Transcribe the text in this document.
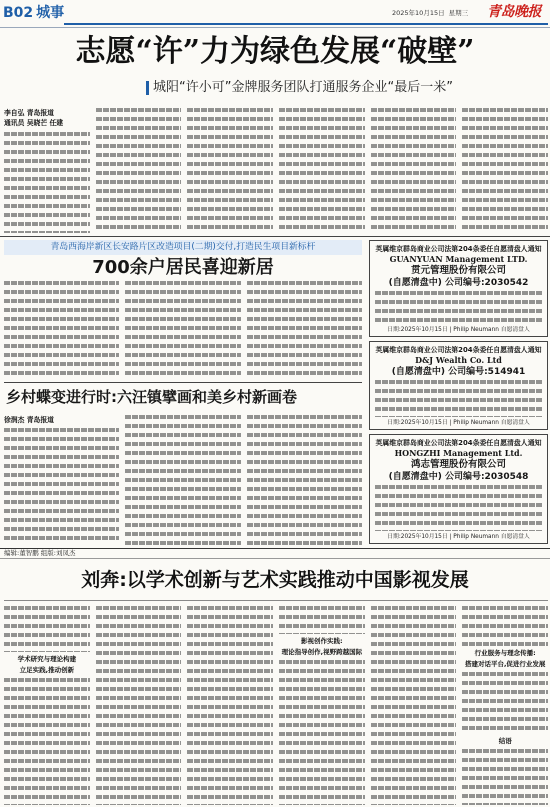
B02 城事	2025年10月15日 星期三 青岛晚报
志愿“许”力为绿色发展“破壁”
城阳“许小可”金牌服务团队打通服务企业“最后一米”
李自弘 青岛报道
通讯员 吴晓芒 任建
青岛西海岸新区长安路片区改造项目(二期)交付,打造民生项目新标杆
700余户居民喜迎新居
乡村蝶变进行时:六汪镇擘画和美乡村新画卷
徐润杰 青岛报道
英属维京群岛商业公司法第204条委任自愿清盘人通知
GUANYUAN Management LTD.
贯元管理股份有限公司
(自愿清盘中) 公司编号:2030542
日期:2025年10月15日 | Philip Neumann 自愿清盘人
英属维京群岛商业公司法第204条委任自愿清盘人通知
D&J Wealth Co. Ltd
(自愿清盘中) 公司编号:514941
日期:2025年10月15日 | Philip Neumann 自愿清盘人
英属维京群岛商业公司法第204条委任自愿清盘人通知
HONGZHI Management Ltd.
鸿志管理股份有限公司
(自愿清盘中) 公司编号:2030548
日期:2025年10月15日 | Philip Neumann 自愿清盘人
编辑:董智鹏 组版:刘凤杰
刘奔:以学术创新与艺术实践推动中国影视发展
学术研究与理论构建
立足实践,推动创新
影视创作实践:
理论指导创作,视野跨越国际	行业服务与理念传播:
搭建对话平台,促进行业发展
结语
